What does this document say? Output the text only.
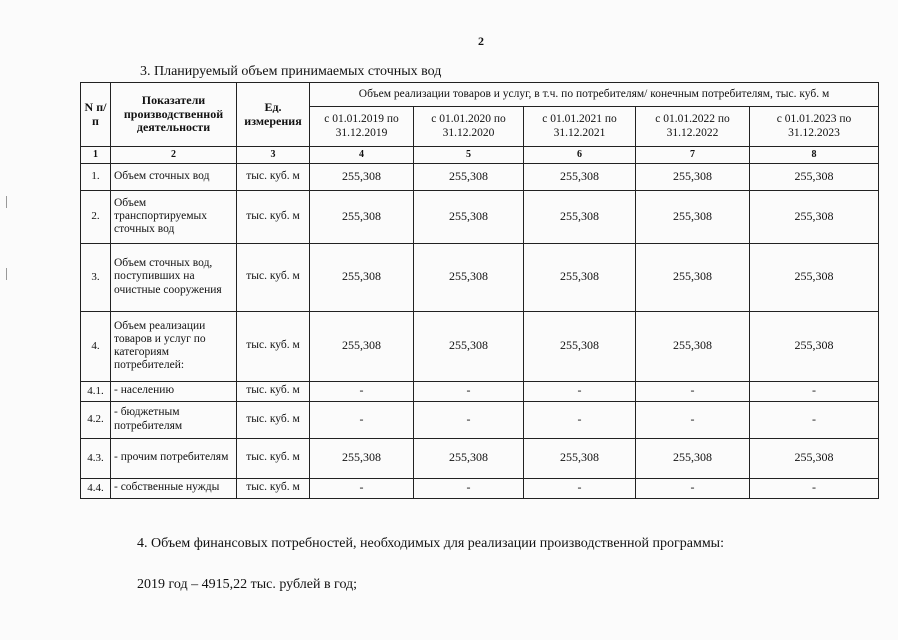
2
3. Планируемый объем принимаемых сточных вод
N п/п	Показатели производственной деятельности	Ед. измерения	Объем реализации товаров и услуг, в т.ч. по потребителям/ конечным потребителям, тыс. куб. м				
			с 01.01.2019 по 31.12.2019	с 01.01.2020 по 31.12.2020	с 01.01.2021 по 31.12.2021	с 01.01.2022 по 31.12.2022	с 01.01.2023 по 31.12.2023
1	2	3	4	5	6	7	8
1.	Объем сточных вод	тыс. куб. м	255,308	255,308	255,308	255,308	255,308
2.	Объем транспортируемых сточных вод	тыс. куб. м	255,308	255,308	255,308	255,308	255,308
3.	Объем сточных вод, поступивших на очистные сооружения	тыс. куб. м	255,308	255,308	255,308	255,308	255,308
4.	Объем реализации товаров и услуг по категориям потребителей:	тыс. куб. м	255,308	255,308	255,308	255,308	255,308
4.1.	- населению	тыс. куб. м	-	-	-	-	-
4.2.	- бюджетным потребителям	тыс. куб. м	-	-	-	-	-
4.3.	- прочим потребителям	тыс. куб. м	255,308	255,308	255,308	255,308	255,308
4.4.	- собственные нужды	тыс. куб. м	-	-	-	-	-
4. Объем финансовых потребностей, необходимых для реализации производственной программы:
2019 год – 4915,22 тыс. рублей в год;
